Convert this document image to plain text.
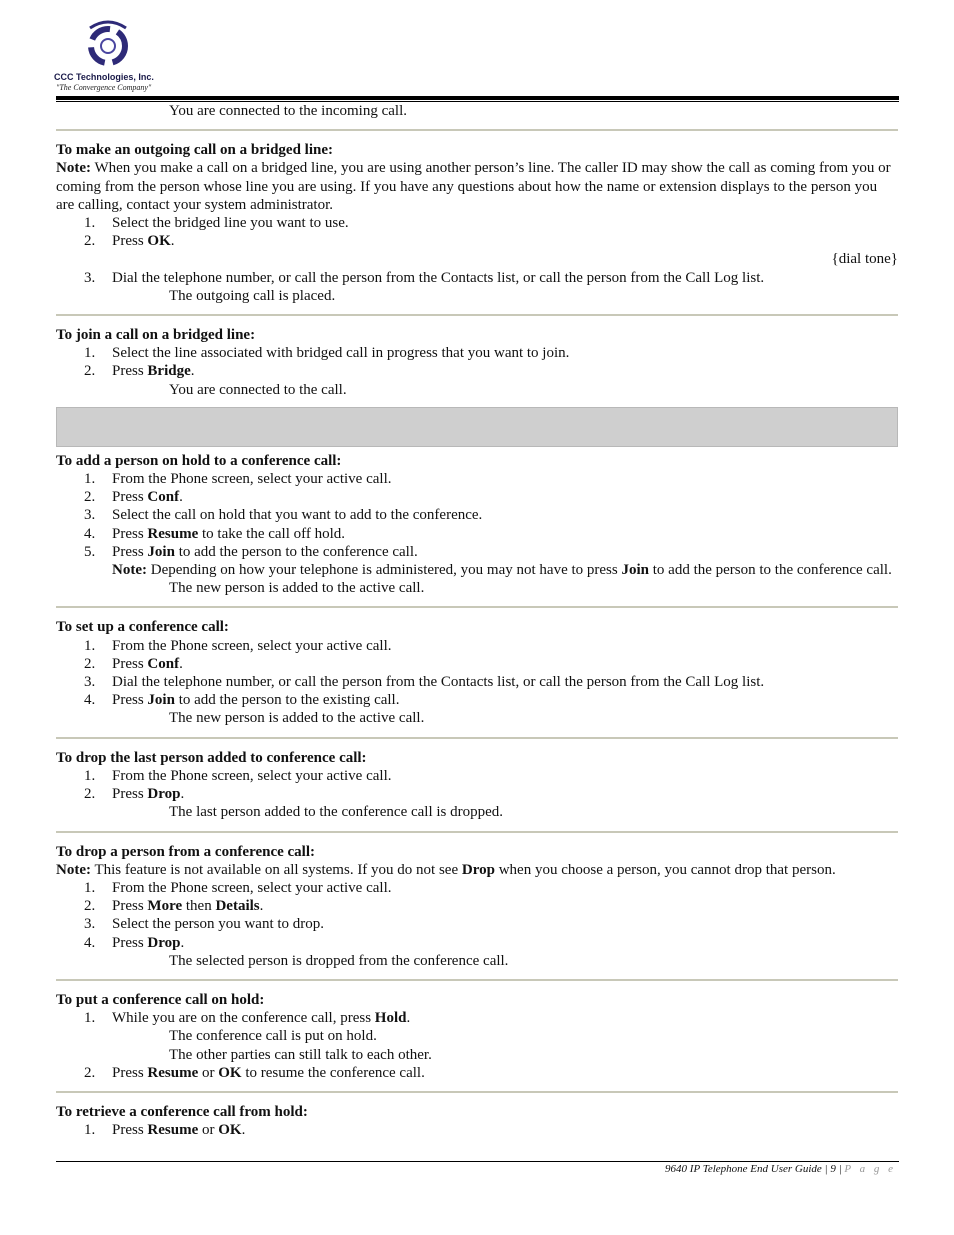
CCC Technologies, Inc.
"The Convergence Company"
You are connected to the incoming call.
To make an outgoing call on a bridged line:
Note: When you make a call on a bridged line, you are using another person’s line. The caller ID may show the call as coming from you or coming from the person whose line you are using. If you have any questions about how the name or extension displays to the person you are calling, contact your system administrator.
1. Select the bridged line you want to use.
2. Press OK.
{dial tone}
3. Dial the telephone number, or call the person from the Contacts list, or call the person from the Call Log list.
The outgoing call is placed.
To join a call on a bridged line:
1. Select the line associated with bridged call in progress that you want to join.
2. Press Bridge.
You are connected to the call.
To add a person on hold to a conference call:
1. From the Phone screen, select your active call.
2. Press Conf.
3. Select the call on hold that you want to add to the conference.
4. Press Resume to take the call off hold.
5. Press Join to add the person to the conference call.
Note: Depending on how your telephone is administered, you may not have to press Join to add the person to the conference call.
The new person is added to the active call.
To set up a conference call:
1. From the Phone screen, select your active call.
2. Press Conf.
3. Dial the telephone number, or call the person from the Contacts list, or call the person from the Call Log list.
4. Press Join to add the person to the existing call.
The new person is added to the active call.
To drop the last person added to conference call:
1. From the Phone screen, select your active call.
2. Press Drop.
The last person added to the conference call is dropped.
To drop a person from a conference call:
Note: This feature is not available on all systems. If you do not see Drop when you choose a person, you cannot drop that person.
1. From the Phone screen, select your active call.
2. Press More then Details.
3. Select the person you want to drop.
4. Press Drop.
The selected person is dropped from the conference call.
To put a conference call on hold:
1. While you are on the conference call, press Hold.
The conference call is put on hold.
The other parties can still talk to each other.
2. Press Resume or OK to resume the conference call.
To retrieve a conference call from hold:
1. Press Resume or OK.
9640 IP Telephone End User Guide | 9 | P a g e
